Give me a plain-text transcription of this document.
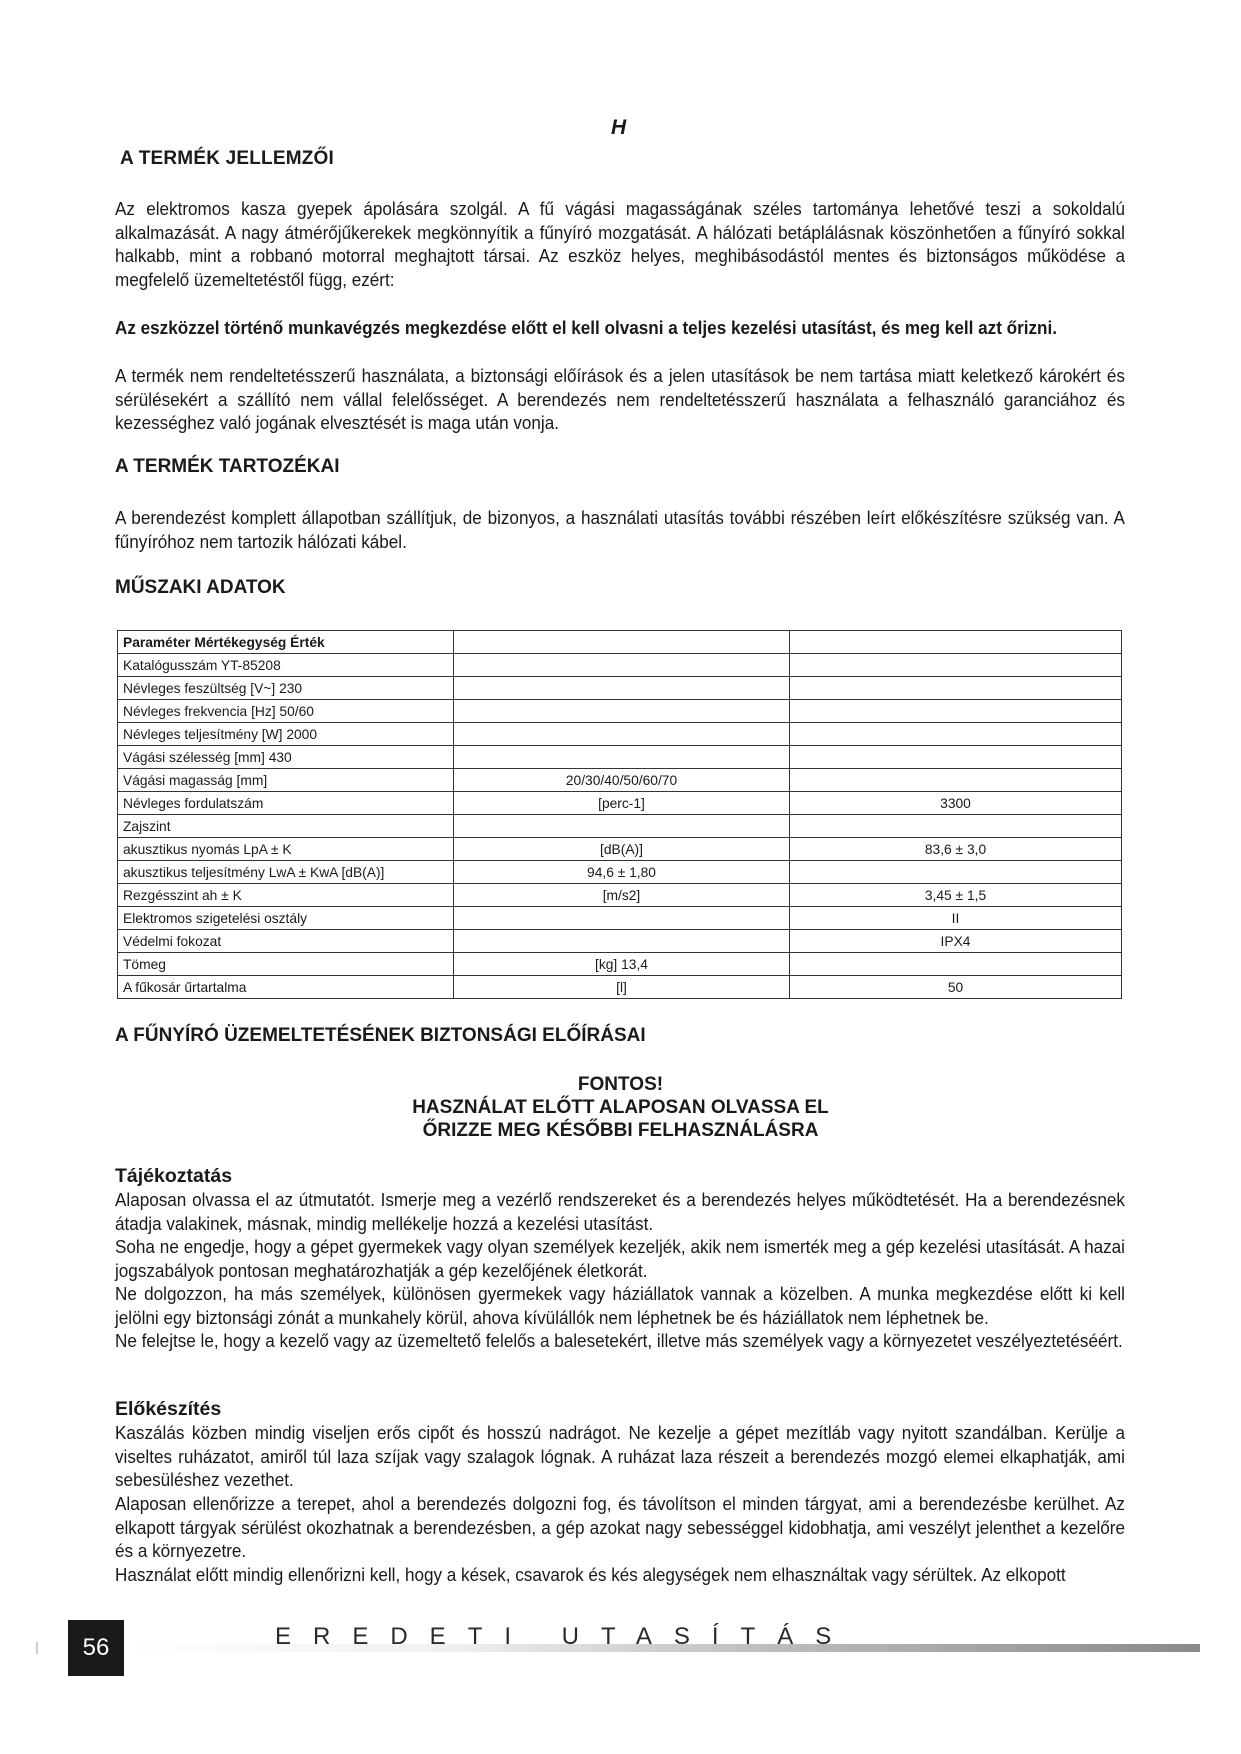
H
A TERMÉK JELLEMZŐI
Az elektromos kasza gyepek ápolására szolgál. A fű vágási magasságának széles tartománya lehetővé teszi a sokoldalú alkalmazását. A nagy átmérőjűkerekek megkönnyítik a fűnyíró mozgatását. A hálózati betáplálásnak köszönhetően a fűnyíró sokkal halkabb, mint a robbanó motorral meghajtott társai. Az eszköz helyes, meghibásodástól mentes és biztonságos működése a megfelelő üzemeltetéstől függ, ezért:
Az eszközzel történő munkavégzés megkezdése előtt el kell olvasni a teljes kezelési utasítást, és meg kell azt őrizni.
A termék nem rendeltetésszerű használata, a biztonsági előírások és a jelen utasítások be nem tartása miatt keletkező károkért és sérülésekért a szállító nem vállal felelősséget. A berendezés nem rendeltetésszerű használata a felhasználó garanciához és kezességhez való jogának elvesztését is maga után vonja.
A TERMÉK TARTOZÉKAI
A berendezést komplett állapotban szállítjuk, de bizonyos, a használati utasítás további részében leírt előkészítésre szükség van. A fűnyíróhoz nem tartozik hálózati kábel.
MŰSZAKI ADATOK
Paraméter Mértékegység Érték		
Katalógusszám YT-85208		
Névleges feszültség [V~] 230		
Névleges frekvencia [Hz] 50/60		
Névleges teljesítmény [W] 2000		
Vágási szélesség [mm] 430		
Vágási magasság [mm]	20/30/40/50/60/70	
Névleges fordulatszám	[perc-1]	3300
Zajszint		
akusztikus nyomás LpA ± K	[dB(A)]	83,6 ± 3,0
akusztikus teljesítmény LwA ± KwA [dB(A)]	94,6 ± 1,80	
Rezgésszint ah ± K	[m/s2]	3,45 ± 1,5
Elektromos szigetelési osztály		II
Védelmi fokozat		IPX4
Tömeg	[kg] 13,4	
A fűkosár űrtartalma	[l]	50
A FŰNYÍRÓ ÜZEMELTETÉSÉNEK BIZTONSÁGI ELŐÍRÁSAI
FONTOS!
HASZNÁLAT ELŐTT ALAPOSAN OLVASSA EL
ŐRIZZE MEG KÉSŐBBI FELHASZNÁLÁSRA
Tájékoztatás
Alaposan olvassa el az útmutatót. Ismerje meg a vezérlő rendszereket és a berendezés helyes működtetését. Ha a berendezésnek átadja valakinek, másnak, mindig mellékelje hozzá a kezelési utasítást.
Soha ne engedje, hogy a gépet gyermekek vagy olyan személyek kezeljék, akik nem ismerték meg a gép kezelési utasítását. A hazai jogszabályok pontosan meghatározhatják a gép kezelőjének életkorát.
Ne dolgozzon, ha más személyek, különösen gyermekek vagy háziállatok vannak a közelben. A munka megkezdése előtt ki kell jelölni egy biztonsági zónát a munkahely körül, ahova kívülállók nem léphetnek be és háziállatok nem léphetnek be.
Ne felejtse le, hogy a kezelő vagy az üzemeltető felelős a balesetekért, illetve más személyek vagy a környezetet veszélyeztetéséért.
Előkészítés
Kaszálás közben mindig viseljen erős cipőt és hosszú nadrágot. Ne kezelje a gépet mezítláb vagy nyitott szandálban. Kerülje a viseltes ruházatot, amiről túl laza szíjak vagy szalagok lógnak. A ruházat laza részeit a berendezés mozgó elemei elkaphatják, ami sebesüléshez vezethet.
Alaposan ellenőrizze a terepet, ahol a berendezés dolgozni fog, és távolítson el minden tárgyat, ami a berendezésbe kerülhet. Az elkapott tárgyak sérülést okozhatnak a berendezésben, a gép azokat nagy sebességgel kidobhatja, ami veszélyt jelenthet a kezelőre és a környezetre.
Használat előtt mindig ellenőrizni kell, hogy a kések, csavarok és kés alegységek nem elhasználtak vagy sérültek. Az elkopott
56	EREDETI UTASÍTÁS
